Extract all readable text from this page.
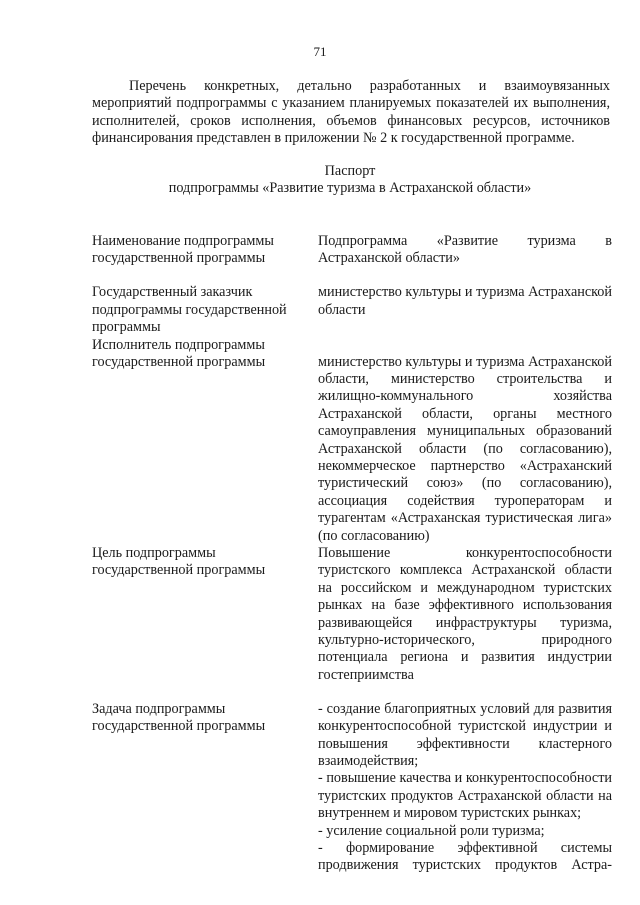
71

Перечень конкретных, детально разработанных и взаимоувязанных мероприятий подпрограммы с указанием планируемых показателей их выполнения, исполнителей, сроков исполнения, объемов финансовых ресурсов, источников финансирования представлен в приложении № 2 к государственной программе.

Паспорт
подпрограммы «Развитие туризма в Астраханской области»
Наименование подпрограммы государственной программы	Подпрограмма «Развитие туризма в Астраханской области»

Государственный заказчик подпрограммы государственной программы	министерство культуры и туризма Астраханской области

Исполнитель подпрограммы государственной программы	министерство культуры и туризма Астраханской области, министерство строительства и жилищно-коммунального хозяйства Астраханской области, органы местного самоуправления муниципальных образований Астраханской области (по согласованию), некоммерческое партнерство «Астраханский туристический союз» (по согласованию), ассоциация содействия туроператорам и турагентам «Астраханская туристическая лига» (по согласованию)

Цель подпрограммы государственной программы	Повышение конкурентоспособности туристского комплекса Астраханской области на российском и международном туристских рынках на базе эффективного использования развивающейся инфраструктуры туризма, культурно-исторического, природного потенциала региона и развития индустрии гостеприимства

Задача подпрограммы государственной программы	- создание благоприятных условий для развития конкурентоспособной туристской индустрии и повышения эффективности кластерного взаимодействия;
- повышение качества и конкурентоспособности туристских продуктов Астраханской области на внутреннем и мировом туристских рынках;
- усиление социальной роли туризма;
- формирование эффективной системы продвижения туристских продуктов Астра-
